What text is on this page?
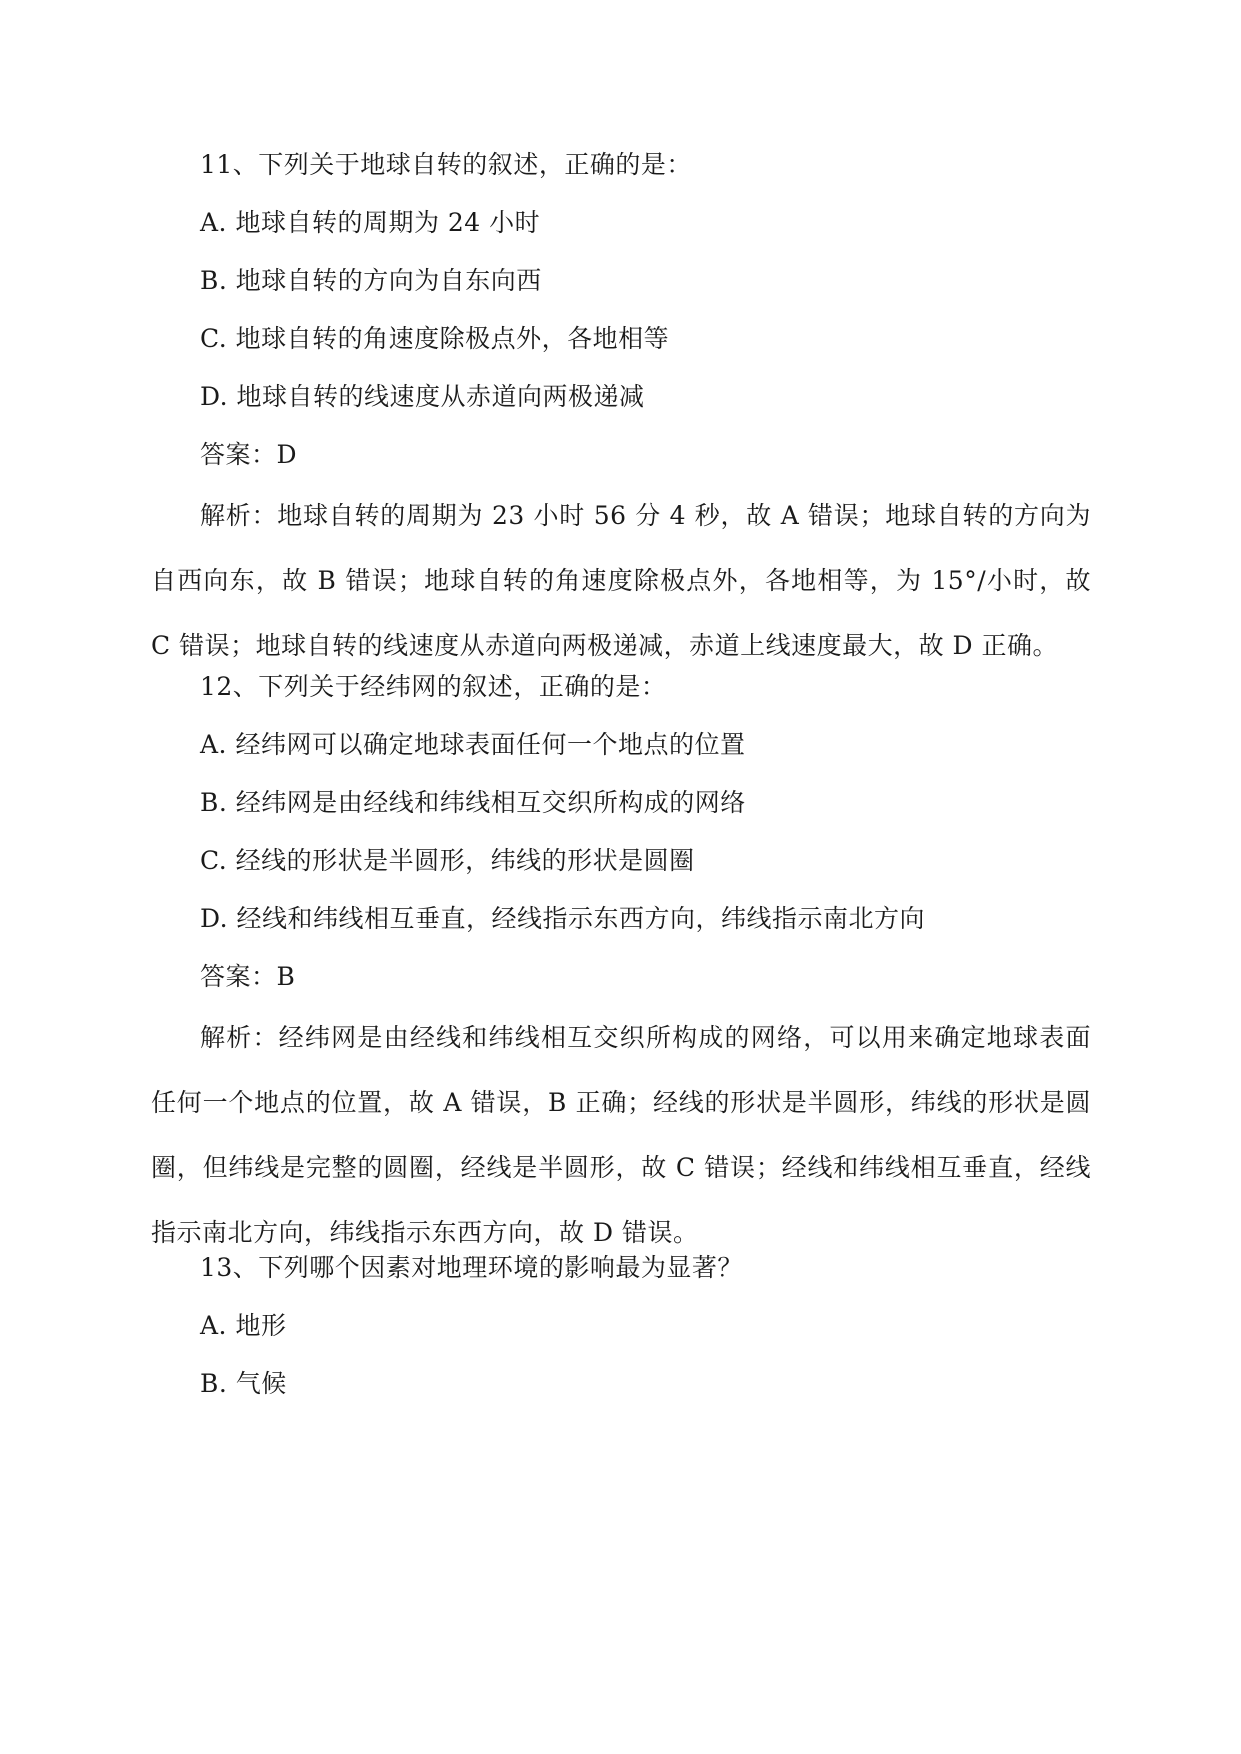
11、下列关于地球自转的叙述，正确的是：
A. 地球自转的周期为 24 小时
B. 地球自转的方向为自东向西
C. 地球自转的角速度除极点外，各地相等
D. 地球自转的线速度从赤道向两极递减
答案：D
解析：地球自转的周期为 23 小时 56 分 4 秒，故 A 错误；地球自转的方向为自西向东，故 B 错误；地球自转的角速度除极点外，各地相等，为 15°/小时，故 C 错误；地球自转的线速度从赤道向两极递减，赤道上线速度最大，故 D 正确。
12、下列关于经纬网的叙述，正确的是：
A. 经纬网可以确定地球表面任何一个地点的位置
B. 经纬网是由经线和纬线相互交织所构成的网络
C. 经线的形状是半圆形，纬线的形状是圆圈
D. 经线和纬线相互垂直，经线指示东西方向，纬线指示南北方向
答案：B
解析：经纬网是由经线和纬线相互交织所构成的网络，可以用来确定地球表面任何一个地点的位置，故 A 错误，B 正确；经线的形状是半圆形，纬线的形状是圆圈，但纬线是完整的圆圈，经线是半圆形，故 C 错误；经线和纬线相互垂直，经线指示南北方向，纬线指示东西方向，故 D 错误。
13、下列哪个因素对地理环境的影响最为显著？
A. 地形
B. 气候
